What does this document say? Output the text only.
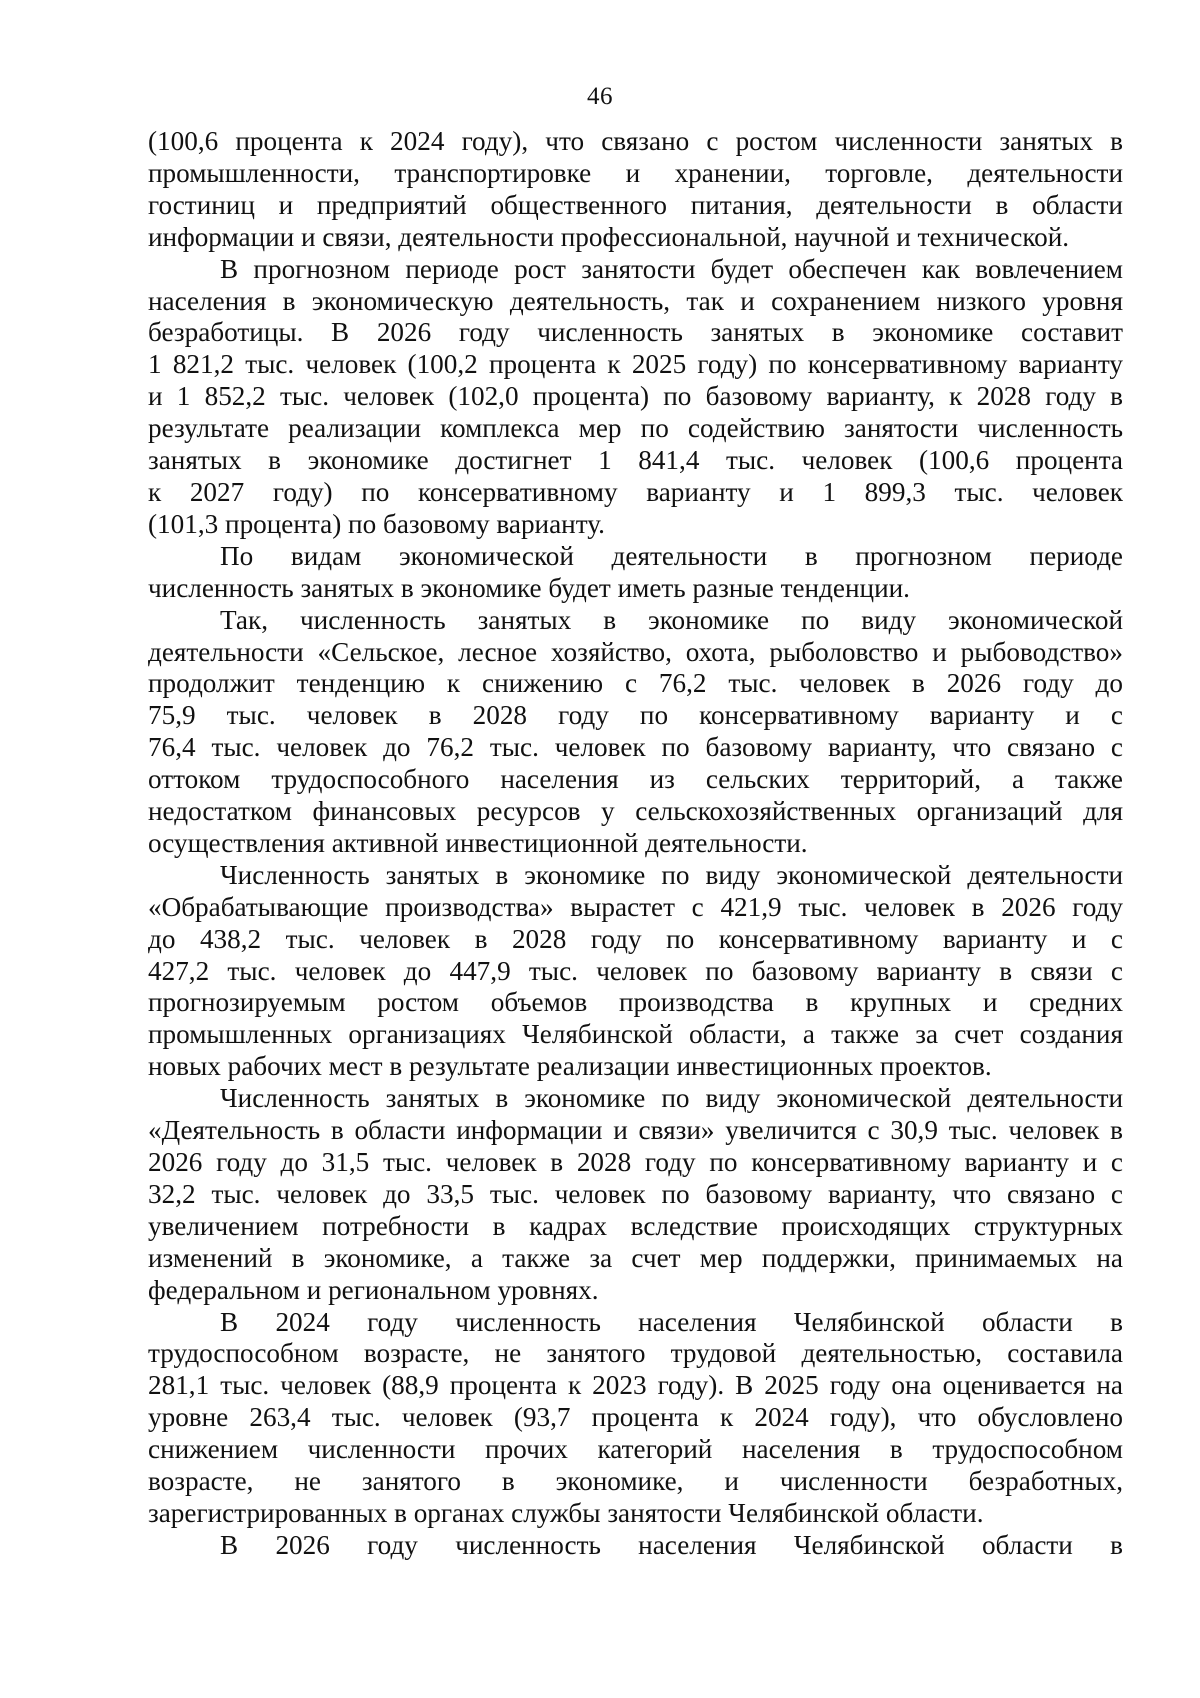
46
(100,6 процента к 2024 году), что связано с ростом численности занятых в
промышленности, транспортировке и хранении, торговле, деятельности
гостиниц и предприятий общественного питания, деятельности в области
информации и связи, деятельности профессиональной, научной и технической.
В прогнозном периоде рост занятости будет обеспечен как вовлечением
населения в экономическую деятельность, так и сохранением низкого уровня
безработицы. В 2026 году численность занятых в экономике составит
1 821,2 тыс. человек (100,2 процента к 2025 году) по консервативному варианту
и 1 852,2 тыс. человек (102,0 процента) по базовому варианту, к 2028 году в
результате реализации комплекса мер по содействию занятости численность
занятых в экономике достигнет 1 841,4 тыс. человек (100,6 процента
к 2027 году) по консервативному варианту и 1 899,3 тыс. человек
(101,3 процента) по базовому варианту.
По видам экономической деятельности в прогнозном периоде
численность занятых в экономике будет иметь разные тенденции.
Так, численность занятых в экономике по виду экономической
деятельности «Сельское, лесное хозяйство, охота, рыболовство и рыбоводство»
продолжит тенденцию к снижению с 76,2 тыс. человек в 2026 году до
75,9 тыс. человек в 2028 году по консервативному варианту и с
76,4 тыс. человек до 76,2 тыс. человек по базовому варианту, что связано с
оттоком трудоспособного населения из сельских территорий, а также
недостатком финансовых ресурсов у сельскохозяйственных организаций для
осуществления активной инвестиционной деятельности.
Численность занятых в экономике по виду экономической деятельности
«Обрабатывающие производства» вырастет с 421,9 тыс. человек в 2026 году
до 438,2 тыс. человек в 2028 году по консервативному варианту и с
427,2 тыс. человек до 447,9 тыс. человек по базовому варианту в связи с
прогнозируемым ростом объемов производства в крупных и средних
промышленных организациях Челябинской области, а также за счет создания
новых рабочих мест в результате реализации инвестиционных проектов.
Численность занятых в экономике по виду экономической деятельности
«Деятельность в области информации и связи» увеличится с 30,9 тыс. человек в
2026 году до 31,5 тыс. человек в 2028 году по консервативному варианту и с
32,2 тыс. человек до 33,5 тыс. человек по базовому варианту, что связано с
увеличением потребности в кадрах вследствие происходящих структурных
изменений в экономике, а также за счет мер поддержки, принимаемых на
федеральном и региональном уровнях.
В 2024 году численность населения Челябинской области в
трудоспособном возрасте, не занятого трудовой деятельностью, составила
281,1 тыс. человек (88,9 процента к 2023 году). В 2025 году она оценивается на
уровне 263,4 тыс. человек (93,7 процента к 2024 году), что обусловлено
снижением численности прочих категорий населения в трудоспособном
возрасте, не занятого в экономике, и численности безработных,
зарегистрированных в органах службы занятости Челябинской области.
В 2026 году численность населения Челябинской области в
